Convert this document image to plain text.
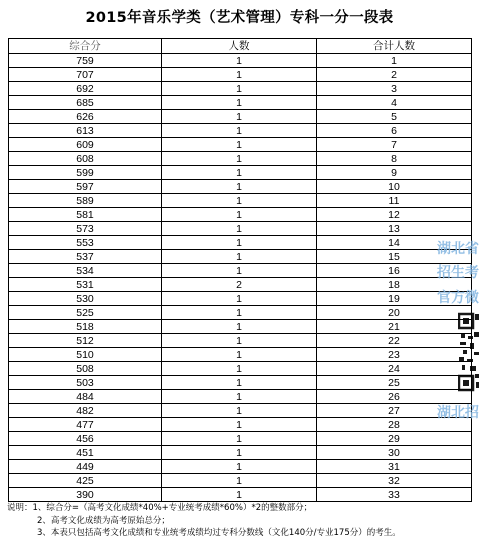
2015年音乐学类（艺术管理）专科一分一段表
综合分	人数	合计人数
759	1	1
707	1	2
692	1	3
685	1	4
626	1	5
613	1	6
609	1	7
608	1	8
599	1	9
597	1	10
589	1	11
581	1	12
573	1	13
553	1	14
537	1	15
534	1	16
531	2	18
530	1	19
525	1	20
518	1	21
512	1	22
510	1	23
508	1	24
503	1	25
484	1	26
482	1	27
477	1	28
456	1	29
451	1	30
449	1	31
425	1	32
390	1	33
说明：1、综合分=（高考文化成绩*40%+专业统考成绩*60%）*2的整数部分；
2、高考文化成绩为高考原始总分；
3、本表只包括高考文化成绩和专业统考成绩均过专科分数线（文化140分/专业175分）的考生。
湖北省
招生考
官方微
湖北招
